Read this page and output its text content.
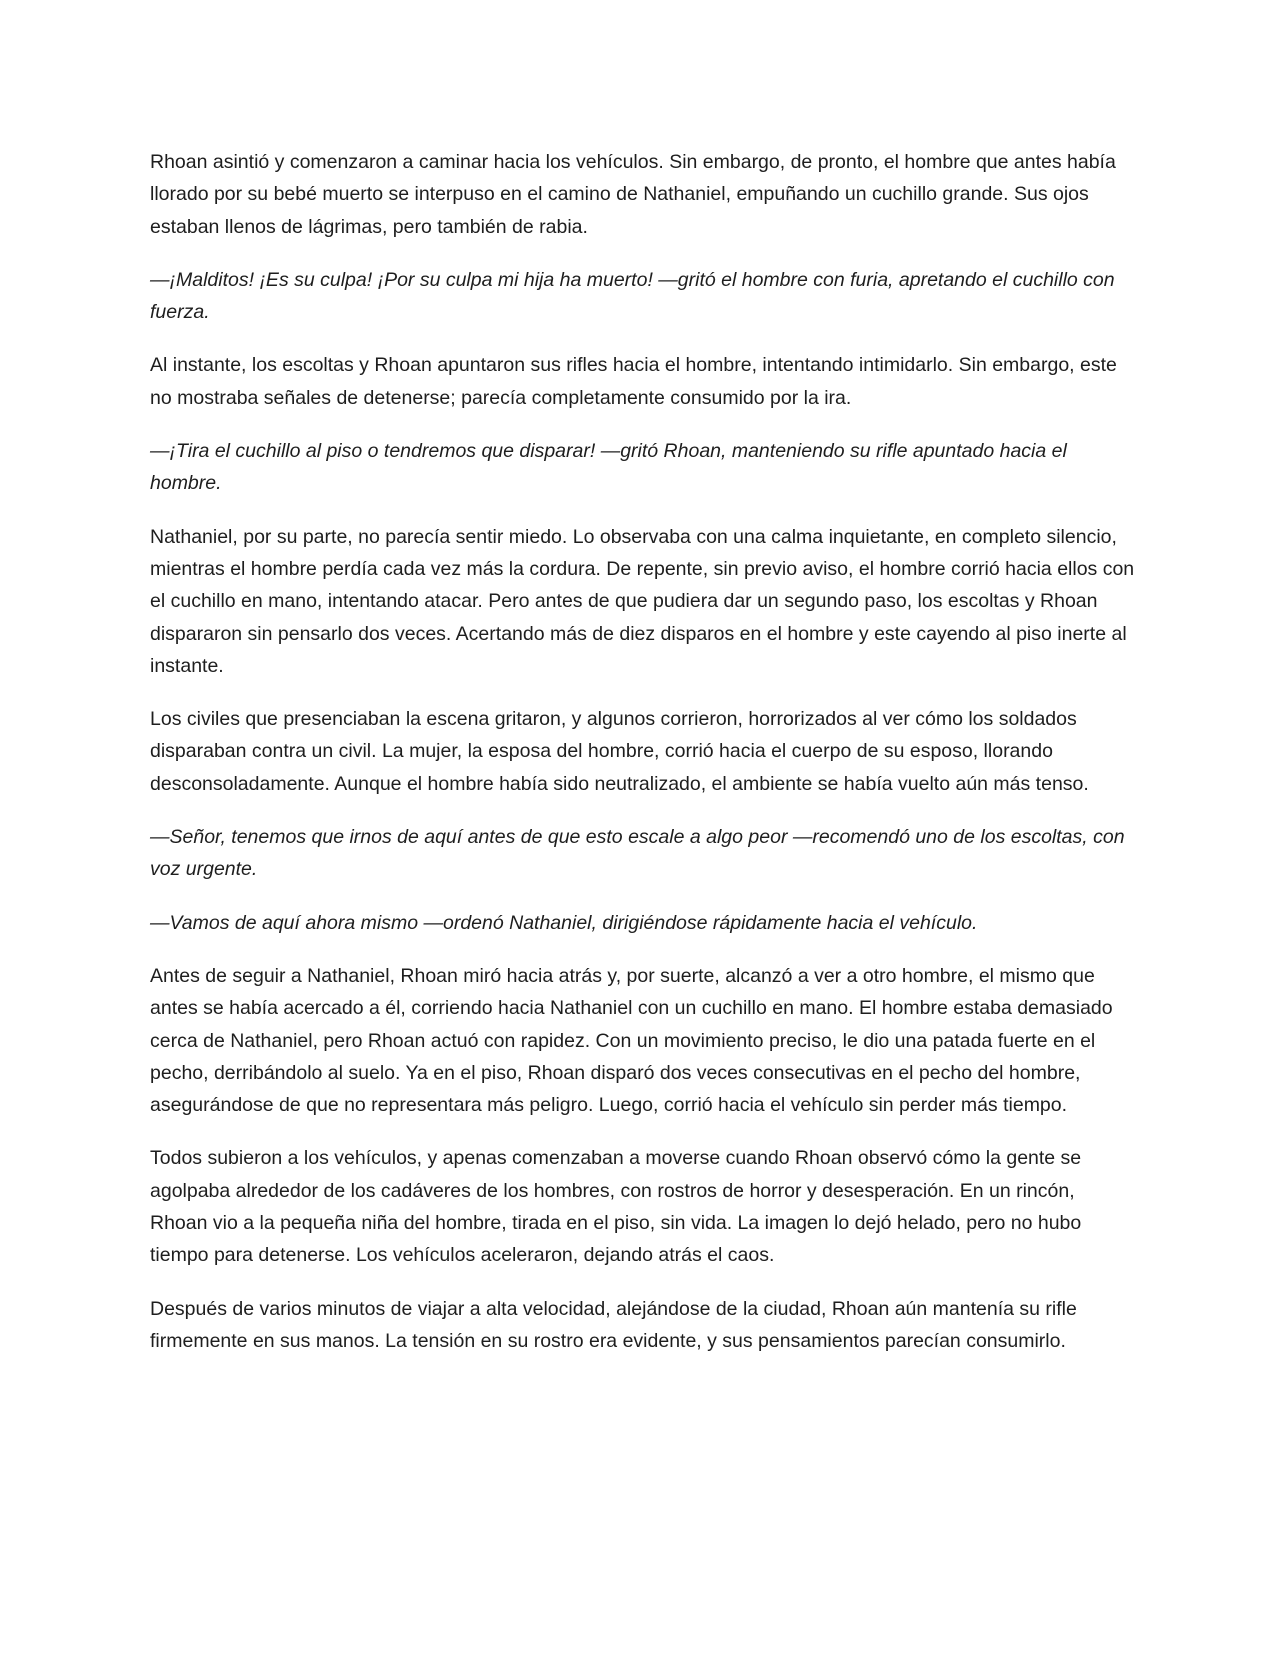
Rhoan asintió y comenzaron a caminar hacia los vehículos. Sin embargo, de pronto, el hombre que antes había llorado por su bebé muerto se interpuso en el camino de Nathaniel, empuñando un cuchillo grande. Sus ojos estaban llenos de lágrimas, pero también de rabia.

—¡Malditos! ¡Es su culpa! ¡Por su culpa mi hija ha muerto! —gritó el hombre con furia, apretando el cuchillo con fuerza.

Al instante, los escoltas y Rhoan apuntaron sus rifles hacia el hombre, intentando intimidarlo. Sin embargo, este no mostraba señales de detenerse; parecía completamente consumido por la ira.

—¡Tira el cuchillo al piso o tendremos que disparar! —gritó Rhoan, manteniendo su rifle apuntado hacia el hombre.

Nathaniel, por su parte, no parecía sentir miedo. Lo observaba con una calma inquietante, en completo silencio, mientras el hombre perdía cada vez más la cordura. De repente, sin previo aviso, el hombre corrió hacia ellos con el cuchillo en mano, intentando atacar. Pero antes de que pudiera dar un segundo paso, los escoltas y Rhoan dispararon sin pensarlo dos veces. Acertando más de diez disparos en el hombre y este cayendo al piso inerte al instante.

Los civiles que presenciaban la escena gritaron, y algunos corrieron, horrorizados al ver cómo los soldados disparaban contra un civil. La mujer, la esposa del hombre, corrió hacia el cuerpo de su esposo, llorando desconsoladamente. Aunque el hombre había sido neutralizado, el ambiente se había vuelto aún más tenso.

—Señor, tenemos que irnos de aquí antes de que esto escale a algo peor —recomendó uno de los escoltas, con voz urgente.

—Vamos de aquí ahora mismo —ordenó Nathaniel, dirigiéndose rápidamente hacia el vehículo.

Antes de seguir a Nathaniel, Rhoan miró hacia atrás y, por suerte, alcanzó a ver a otro hombre, el mismo que antes se había acercado a él, corriendo hacia Nathaniel con un cuchillo en mano. El hombre estaba demasiado cerca de Nathaniel, pero Rhoan actuó con rapidez. Con un movimiento preciso, le dio una patada fuerte en el pecho, derribándolo al suelo. Ya en el piso, Rhoan disparó dos veces consecutivas en el pecho del hombre, asegurándose de que no representara más peligro. Luego, corrió hacia el vehículo sin perder más tiempo.

Todos subieron a los vehículos, y apenas comenzaban a moverse cuando Rhoan observó cómo la gente se agolpaba alrededor de los cadáveres de los hombres, con rostros de horror y desesperación. En un rincón, Rhoan vio a la pequeña niña del hombre, tirada en el piso, sin vida. La imagen lo dejó helado, pero no hubo tiempo para detenerse. Los vehículos aceleraron, dejando atrás el caos.

Después de varios minutos de viajar a alta velocidad, alejándose de la ciudad, Rhoan aún mantenía su rifle firmemente en sus manos. La tensión en su rostro era evidente, y sus pensamientos parecían consumirlo.
